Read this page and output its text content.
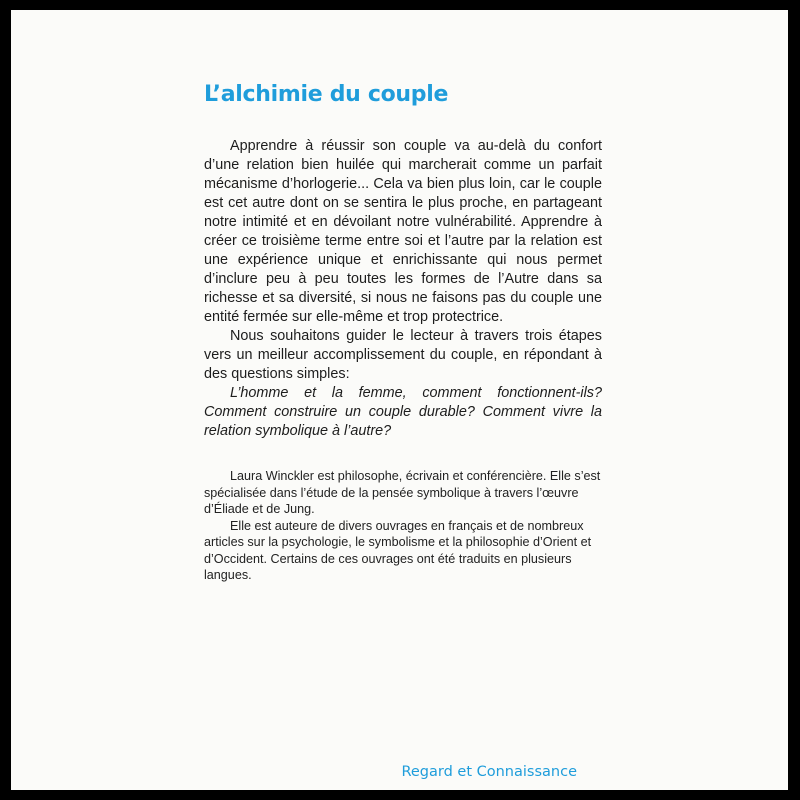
L’alchimie du couple

Apprendre à réussir son couple va au-delà du confort d’une relation bien huilée qui marcherait comme un parfait mécanisme d’horlogerie... Cela va bien plus loin, car le couple est cet autre dont on se sentira le plus proche, en partageant notre intimité et en dévoilant notre vulnérabilité. Apprendre à créer ce troisième terme entre soi et l’autre par la relation est une expérience unique et enrichissante qui nous permet d’inclure peu à peu toutes les formes de l’Autre dans sa richesse et sa diversité, si nous ne faisons pas du couple une entité fermée sur elle-même et trop protectrice.

Nous souhaitons guider le lecteur à travers trois étapes vers un meilleur accomplissement du couple, en répondant à des questions simples:

L’homme et la femme, comment fonctionnent-ils? Comment construire un couple durable? Comment vivre la relation symbolique à l’autre?

Laura Winckler est philosophe, écrivain et conférencière. Elle s’est spécialisée dans l’étude de la pensée symbolique à travers l’œuvre d’Éliade et de Jung.

Elle est auteure de divers ouvrages en français et de nombreux articles sur la psychologie, le symbolisme et la philosophie d’Orient et d’Occident. Certains de ces ouvrages ont été traduits en plusieurs langues.

Regard et Connaissance
